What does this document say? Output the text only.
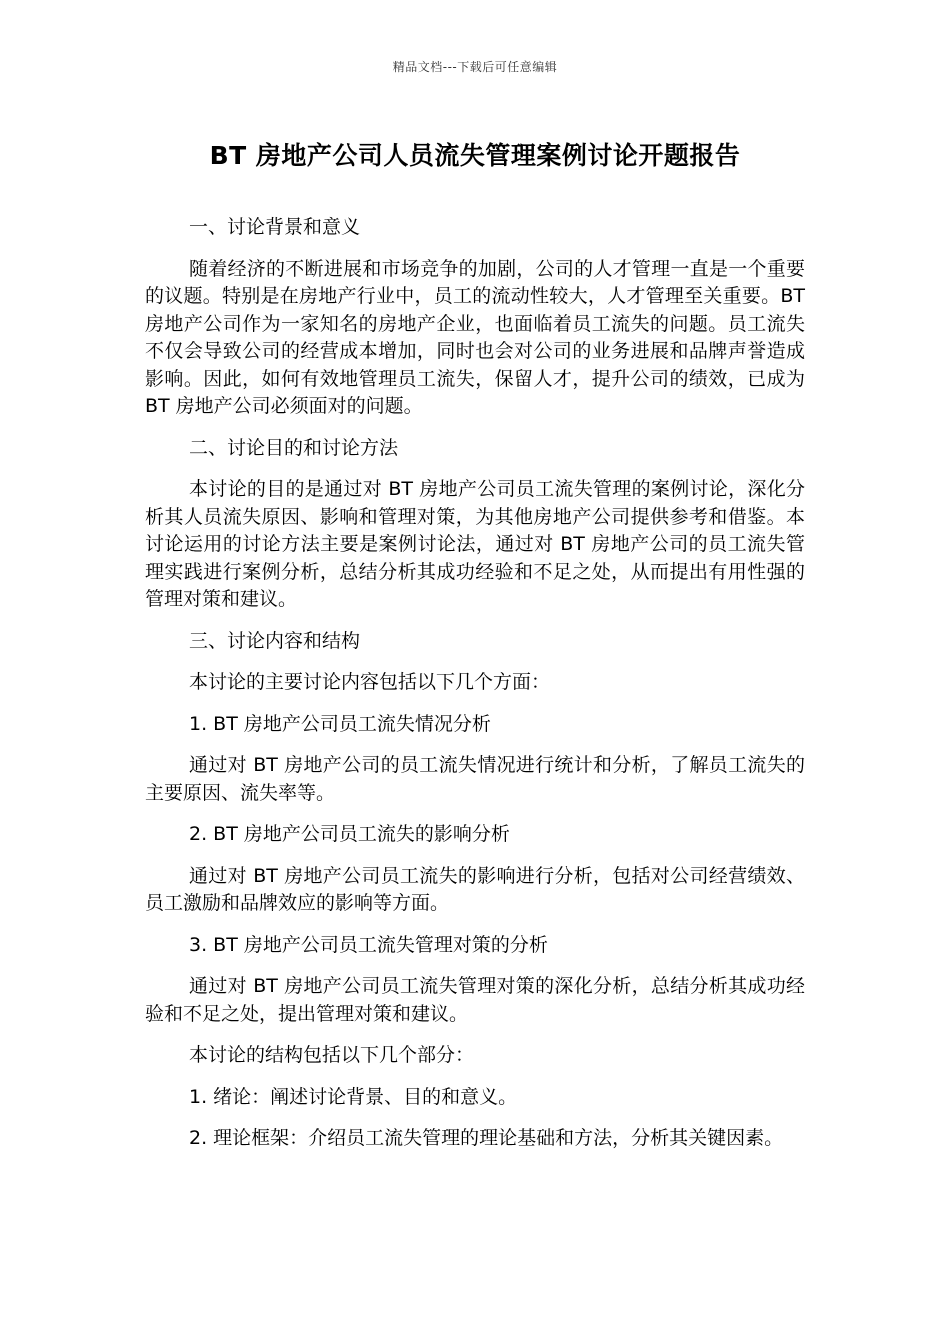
精品文档---下载后可任意编辑
BT 房地产公司人员流失管理案例讨论开题报告

一、讨论背景和意义

随着经济的不断进展和市场竞争的加剧，公司的人才管理一直是一个重要的议题。特别是在房地产行业中，员工的流动性较大，人才管理至关重要。BT 房地产公司作为一家知名的房地产企业，也面临着员工流失的问题。员工流失不仅会导致公司的经营成本增加，同时也会对公司的业务进展和品牌声誉造成影响。因此，如何有效地管理员工流失，保留人才，提升公司的绩效，已成为 BT 房地产公司必须面对的问题。

二、讨论目的和讨论方法

本讨论的目的是通过对 BT 房地产公司员工流失管理的案例讨论，深化分析其人员流失原因、影响和管理对策，为其他房地产公司提供参考和借鉴。本讨论运用的讨论方法主要是案例讨论法，通过对 BT 房地产公司的员工流失管理实践进行案例分析，总结分析其成功经验和不足之处，从而提出有用性强的管理对策和建议。

三、讨论内容和结构

本讨论的主要讨论内容包括以下几个方面：

1. BT 房地产公司员工流失情况分析

通过对 BT 房地产公司的员工流失情况进行统计和分析，了解员工流失的主要原因、流失率等。

2. BT 房地产公司员工流失的影响分析

通过对 BT 房地产公司员工流失的影响进行分析，包括对公司经营绩效、员工激励和品牌效应的影响等方面。

3. BT 房地产公司员工流失管理对策的分析

通过对 BT 房地产公司员工流失管理对策的深化分析，总结分析其成功经验和不足之处，提出管理对策和建议。

本讨论的结构包括以下几个部分：

1. 绪论：阐述讨论背景、目的和意义。

2. 理论框架：介绍员工流失管理的理论基础和方法，分析其关键因素。
